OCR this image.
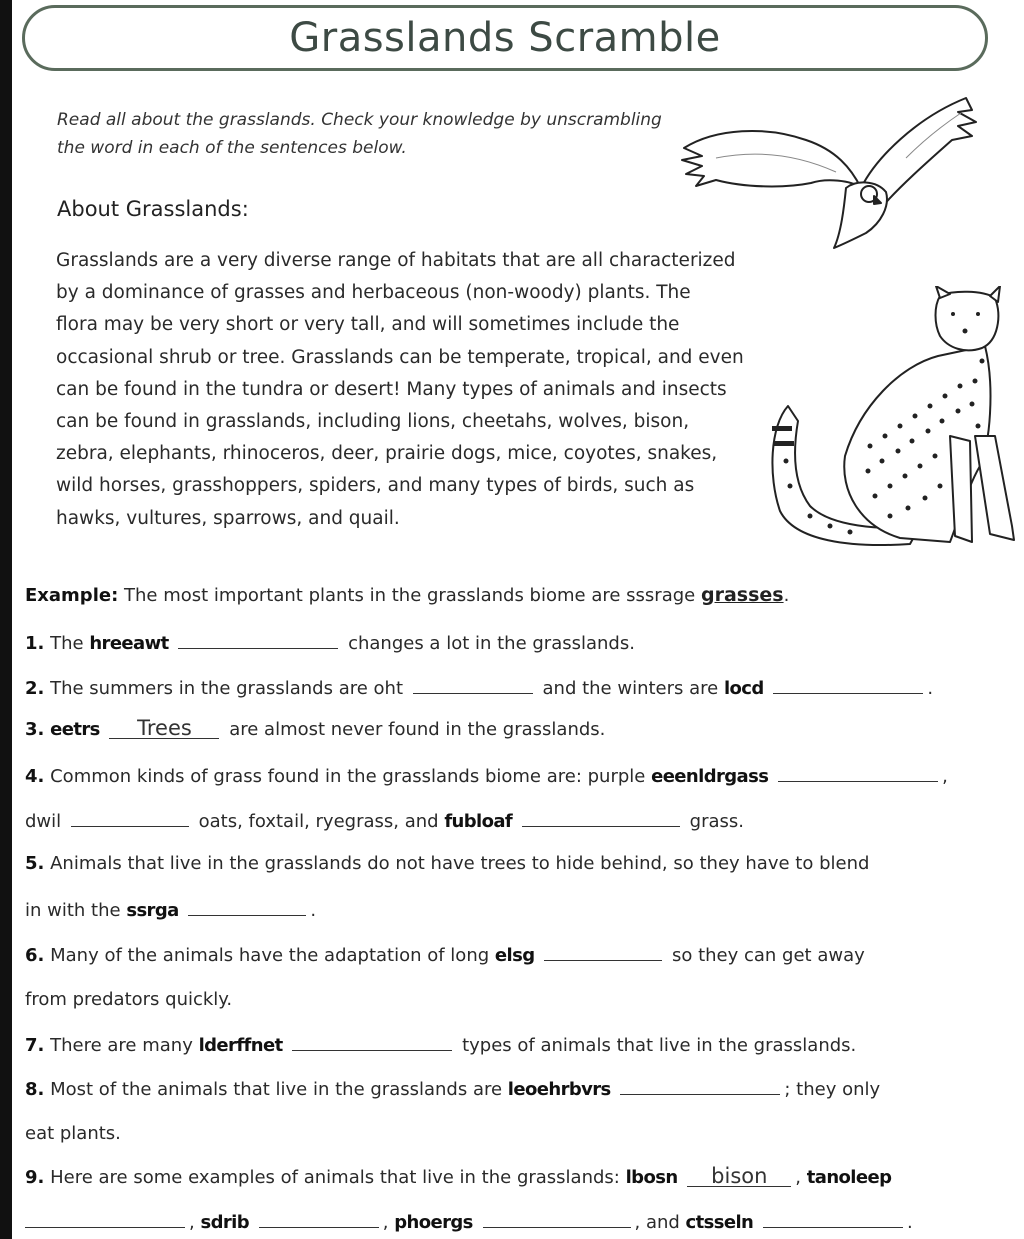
Grasslands Scramble
Read all about the grasslands. Check your knowledge by unscrambling
the word in each of the sentences below.
About Grasslands:
Grasslands are a very diverse range of habitats that are all characterized
by a dominance of grasses and herbaceous (non-woody) plants. The
flora may be very short or very tall, and will sometimes include the
occasional shrub or tree. Grasslands can be temperate, tropical, and even
can be found in the tundra or desert! Many types of animals and insects
can be found in grasslands, including lions, cheetahs, wolves, bison,
zebra, elephants, rhinoceros, deer, prairie dogs, mice, coyotes, snakes,
wild horses, grasshoppers, spiders, and many types of birds, such as
hawks, vultures, sparrows, and quail.
Example: The most important plants in the grasslands biome are sssrage grasses.
1. The hreeawt	changes a lot in the grasslands.
2. The summers in the grasslands are oht	and the winters are locd	.
3. eetrs Trees are almost never found in the grasslands.
4. Common kinds of grass found in the grasslands biome are: purple eeenldrgass	,
dwil	oats, foxtail, ryegrass, and fubloaf	grass.
5. Animals that live in the grasslands do not have trees to hide behind, so they have to blend
in with the ssrga	.
6. Many of the animals have the adaptation of long elsg	so they can get away
from predators quickly.
7. There are many lderffnet	types of animals that live in the grasslands.
8. Most of the animals that live in the grasslands are leoehrbvrs	; they only
eat plants.
9. Here are some examples of animals that live in the grasslands: lbosn bison , tanoleep
, sdrib	, phoergs	, and ctsseln	.
